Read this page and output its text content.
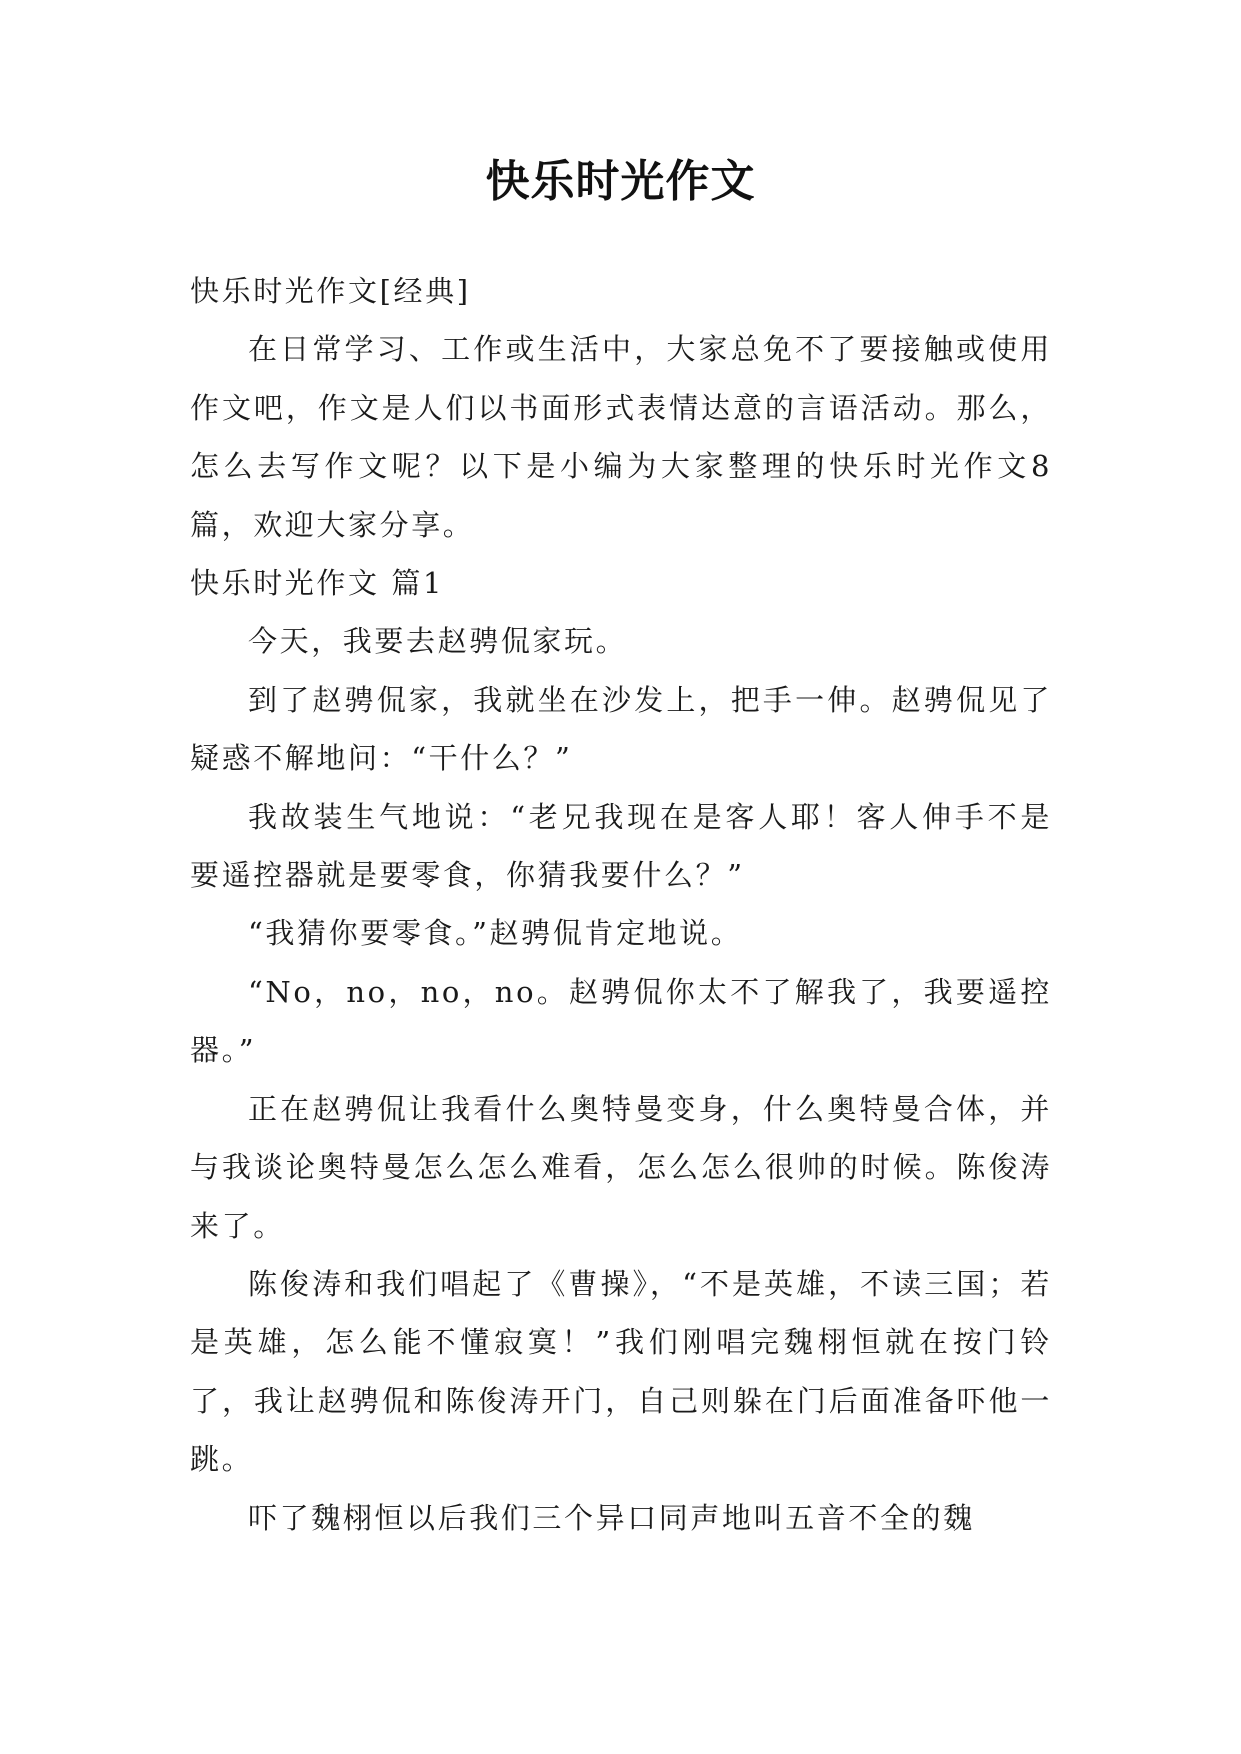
快乐时光作文

快乐时光作文[经典]

在日常学习、工作或生活中，大家总免不了要接触或使用作文吧，作文是人们以书面形式表情达意的言语活动。那么，怎么去写作文呢？以下是小编为大家整理的快乐时光作文8篇，欢迎大家分享。

快乐时光作文 篇1

今天，我要去赵骋侃家玩。

到了赵骋侃家，我就坐在沙发上，把手一伸。赵骋侃见了疑惑不解地问：“干什么？”

我故装生气地说：“老兄我现在是客人耶！客人伸手不是要遥控器就是要零食，你猜我要什么？”

“我猜你要零食。”赵骋侃肯定地说。

“No，no，no，no。赵骋侃你太不了解我了，我要遥控器。”

正在赵骋侃让我看什么奥特曼变身，什么奥特曼合体，并与我谈论奥特曼怎么怎么难看，怎么怎么很帅的时候。陈俊涛来了。

陈俊涛和我们唱起了《曹操》，“不是英雄，不读三国；若是英雄，怎么能不懂寂寞！”我们刚唱完魏栩恒就在按门铃了，我让赵骋侃和陈俊涛开门，自己则躲在门后面准备吓他一跳。

吓了魏栩恒以后我们三个异口同声地叫五音不全的魏
